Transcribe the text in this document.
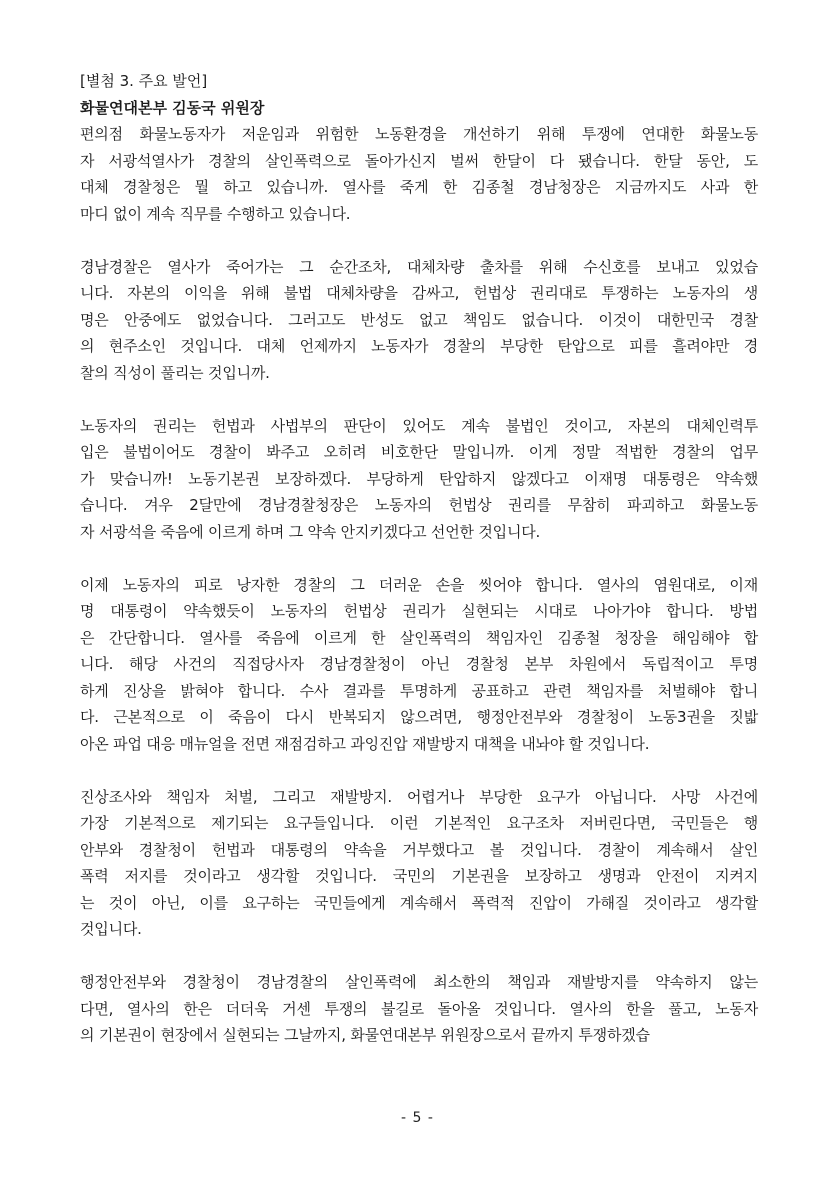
[별첨 3. 주요 발언]
화물연대본부 김동국 위원장
편의점 화물노동자가 저운임과 위험한 노동환경을 개선하기 위해 투쟁에 연대한 화물노동
자 서광석열사가 경찰의 살인폭력으로 돌아가신지 벌써 한달이 다 됐습니다. 한달 동안, 도
대체 경찰청은 뭘 하고 있습니까. 열사를 죽게 한 김종철 경남청장은 지금까지도 사과 한
마디 없이 계속 직무를 수행하고 있습니다.
경남경찰은 열사가 죽어가는 그 순간조차, 대체차량 출차를 위해 수신호를 보내고 있었습
니다. 자본의 이익을 위해 불법 대체차량을 감싸고, 헌법상 권리대로 투쟁하는 노동자의 생
명은 안중에도 없었습니다. 그러고도 반성도 없고 책임도 없습니다. 이것이 대한민국 경찰
의 현주소인 것입니다. 대체 언제까지 노동자가 경찰의 부당한 탄압으로 피를 흘려야만 경
찰의 직성이 풀리는 것입니까.
노동자의 권리는 헌법과 사법부의 판단이 있어도 계속 불법인 것이고, 자본의 대체인력투
입은 불법이어도 경찰이 봐주고 오히려 비호한단 말입니까. 이게 정말 적법한 경찰의 업무
가 맞습니까! 노동기본권 보장하겠다. 부당하게 탄압하지 않겠다고 이재명 대통령은 약속했
습니다. 겨우 2달만에 경남경찰청장은 노동자의 헌법상 권리를 무참히 파괴하고 화물노동
자 서광석을 죽음에 이르게 하며 그 약속 안지키겠다고 선언한 것입니다.
이제 노동자의 피로 낭자한 경찰의 그 더러운 손을 씻어야 합니다. 열사의 염원대로, 이재
명 대통령이 약속했듯이 노동자의 헌법상 권리가 실현되는 시대로 나아가야 합니다. 방법
은 간단합니다. 열사를 죽음에 이르게 한 살인폭력의 책임자인 김종철 청장을 해임해야 합
니다. 해당 사건의 직접당사자 경남경찰청이 아닌 경찰청 본부 차원에서 독립적이고 투명
하게 진상을 밝혀야 합니다. 수사 결과를 투명하게 공표하고 관련 책임자를 처벌해야 합니
다. 근본적으로 이 죽음이 다시 반복되지 않으려면, 행정안전부와 경찰청이 노동3권을 짓밟
아온 파업 대응 매뉴얼을 전면 재점검하고 과잉진압 재발방지 대책을 내놔야 할 것입니다.
진상조사와 책임자 처벌, 그리고 재발방지. 어렵거나 부당한 요구가 아닙니다. 사망 사건에
가장 기본적으로 제기되는 요구들입니다. 이런 기본적인 요구조차 저버린다면, 국민들은 행
안부와 경찰청이 헌법과 대통령의 약속을 거부했다고 볼 것입니다. 경찰이 계속해서 살인
폭력 저지를 것이라고 생각할 것입니다. 국민의 기본권을 보장하고 생명과 안전이 지켜지
는 것이 아닌, 이를 요구하는 국민들에게 계속해서 폭력적 진압이 가해질 것이라고 생각할
것입니다.
행정안전부와 경찰청이 경남경찰의 살인폭력에 최소한의 책임과 재발방지를 약속하지 않는
다면, 열사의 한은 더더욱 거센 투쟁의 불길로 돌아올 것입니다. 열사의 한을 풀고, 노동자
의 기본권이 현장에서 실현되는 그날까지, 화물연대본부 위원장으로서 끝까지 투쟁하겠습
- 5 -
